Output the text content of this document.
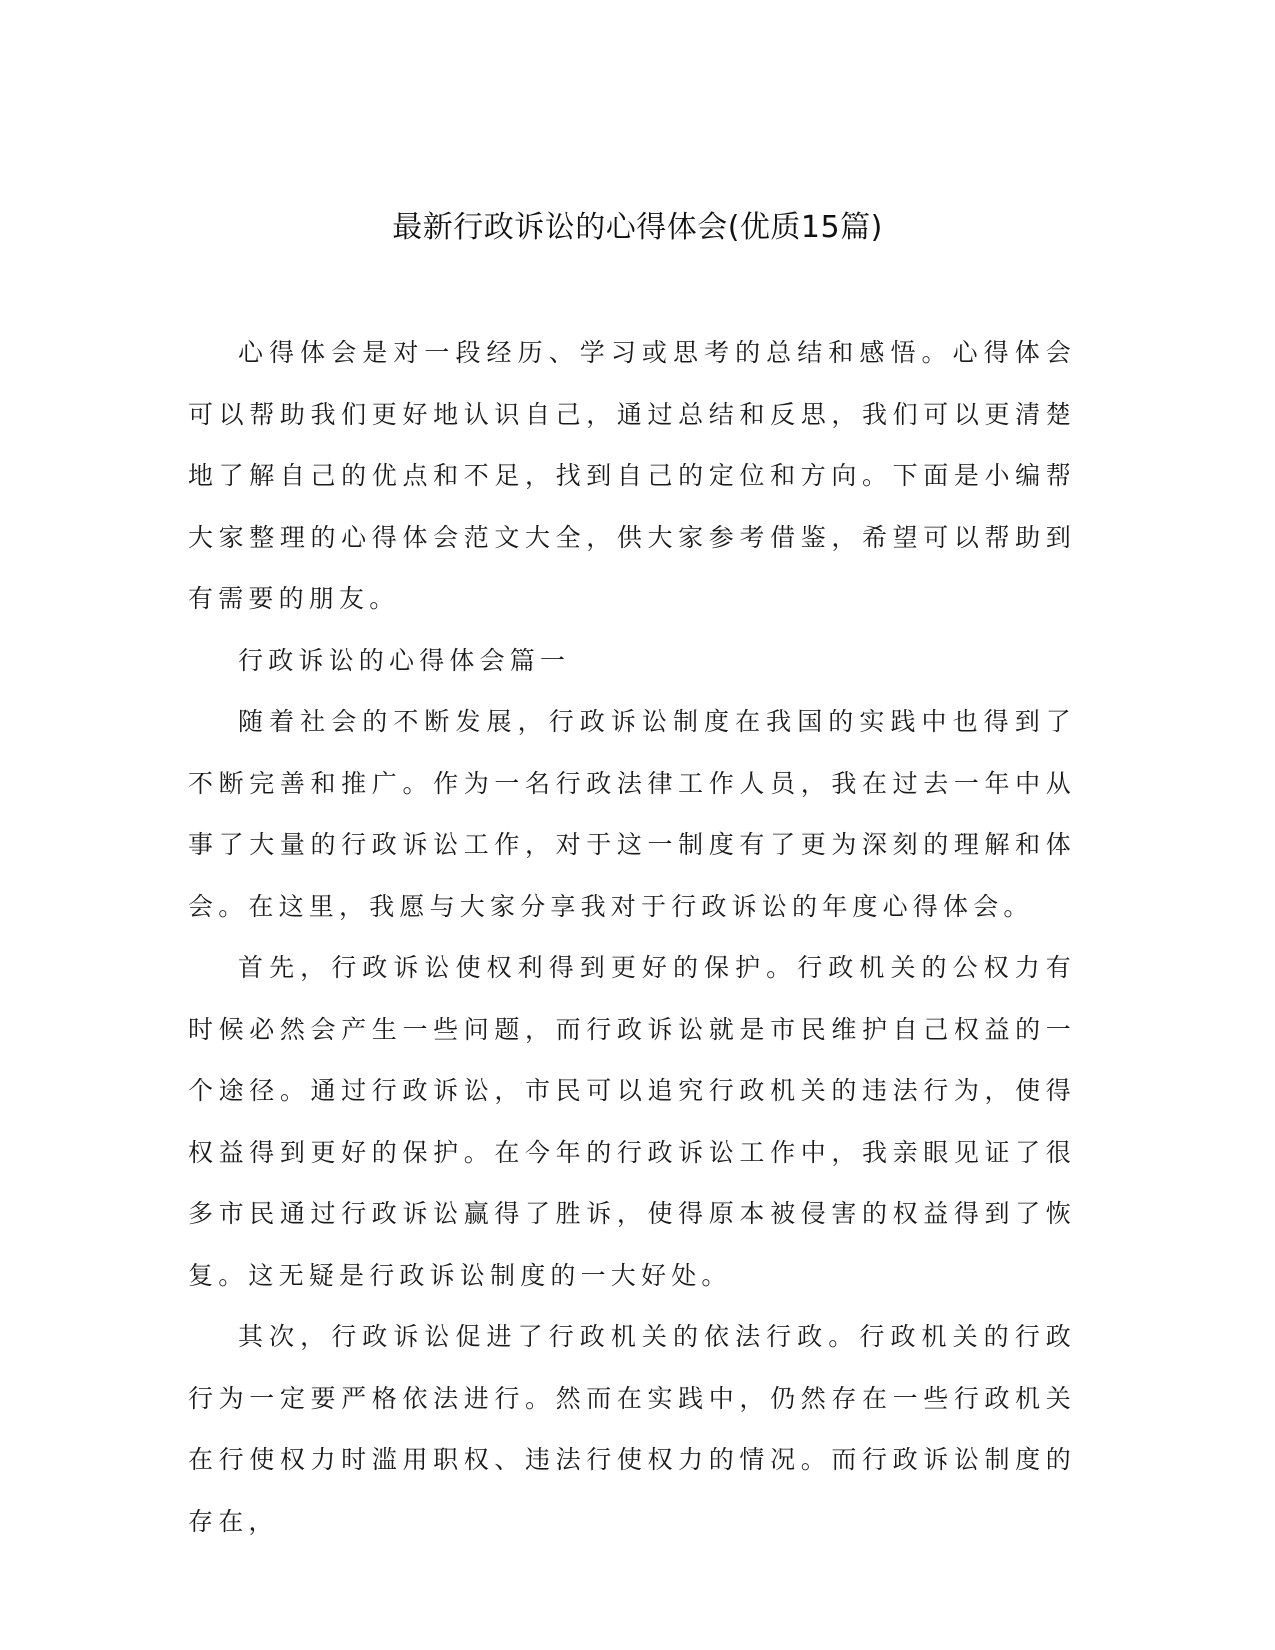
最新行政诉讼的心得体会(优质15篇)

心得体会是对一段经历、学习或思考的总结和感悟。心得体会可以帮助我们更好地认识自己，通过总结和反思，我们可以更清楚地了解自己的优点和不足，找到自己的定位和方向。下面是小编帮大家整理的心得体会范文大全，供大家参考借鉴，希望可以帮助到有需要的朋友。

行政诉讼的心得体会篇一

随着社会的不断发展，行政诉讼制度在我国的实践中也得到了不断完善和推广。作为一名行政法律工作人员，我在过去一年中从事了大量的行政诉讼工作，对于这一制度有了更为深刻的理解和体会。在这里，我愿与大家分享我对于行政诉讼的年度心得体会。

首先，行政诉讼使权利得到更好的保护。行政机关的公权力有时候必然会产生一些问题，而行政诉讼就是市民维护自己权益的一个途径。通过行政诉讼，市民可以追究行政机关的违法行为，使得权益得到更好的保护。在今年的行政诉讼工作中，我亲眼见证了很多市民通过行政诉讼赢得了胜诉，使得原本被侵害的权益得到了恢复。这无疑是行政诉讼制度的一大好处。

其次，行政诉讼促进了行政机关的依法行政。行政机关的行政行为一定要严格依法进行。然而在实践中，仍然存在一些行政机关在行使权力时滥用职权、违法行使权力的情况。而行政诉讼制度的存在，
